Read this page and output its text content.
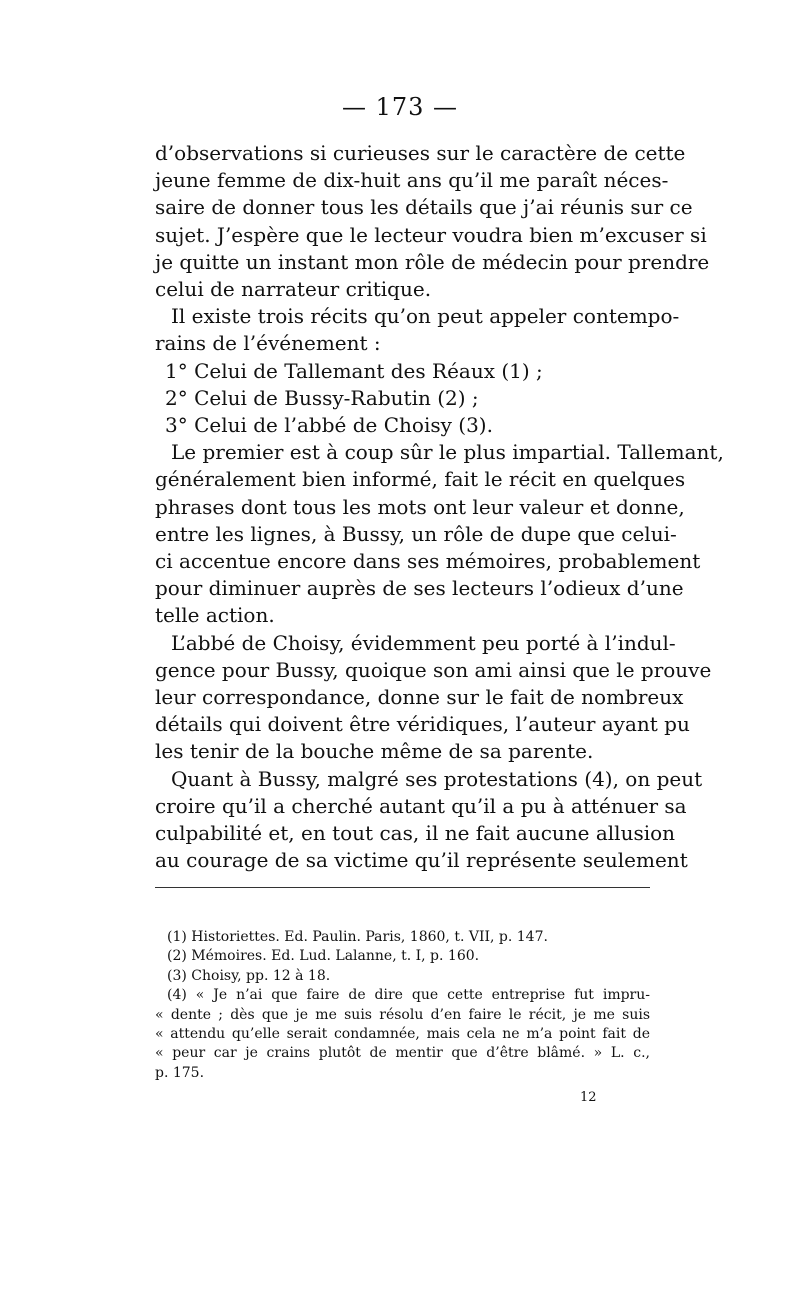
— 173 —
d’observations si curieuses sur le caractère de cette
jeune femme de dix-huit ans qu’il me paraît néces-
saire de donner tous les détails que j’ai réunis sur ce
sujet. J’espère que le lecteur voudra bien m’excuser si
je quitte un instant mon rôle de médecin pour prendre
celui de narrateur critique.
Il existe trois récits qu’on peut appeler contempo-
rains de l’événement :
1° Celui de Tallemant des Réaux (1) ;
2° Celui de Bussy-Rabutin (2) ;
3° Celui de l’abbé de Choisy (3).
Le premier est à coup sûr le plus impartial. Tallemant,
généralement bien informé, fait le récit en quelques
phrases dont tous les mots ont leur valeur et donne,
entre les lignes, à Bussy, un rôle de dupe que celui-
ci accentue encore dans ses mémoires, probablement
pour diminuer auprès de ses lecteurs l’odieux d’une
telle action.
L’abbé de Choisy, évidemment peu porté à l’indul-
gence pour Bussy, quoique son ami ainsi que le prouve
leur correspondance, donne sur le fait de nombreux
détails qui doivent être véridiques, l’auteur ayant pu
les tenir de la bouche même de sa parente.
Quant à Bussy, malgré ses protestations (4), on peut
croire qu’il a cherché autant qu’il a pu à atténuer sa
culpabilité et, en tout cas, il ne fait aucune allusion
au courage de sa victime qu’il représente seulement
(1) Historiettes. Ed. Paulin. Paris, 1860, t. VII, p. 147.
(2) Mémoires. Ed. Lud. Lalanne, t. I, p. 160.
(3) Choisy, pp. 12 à 18.
(4) « Je n’ai que faire de dire que cette entreprise fut impru-
« dente ; dès que je me suis résolu d’en faire le récit, je me suis
« attendu qu’elle serait condamnée, mais cela ne m’a point fait de
« peur car je crains plutôt de mentir que d’être blâmé. » L. c.,
p. 175.
12
